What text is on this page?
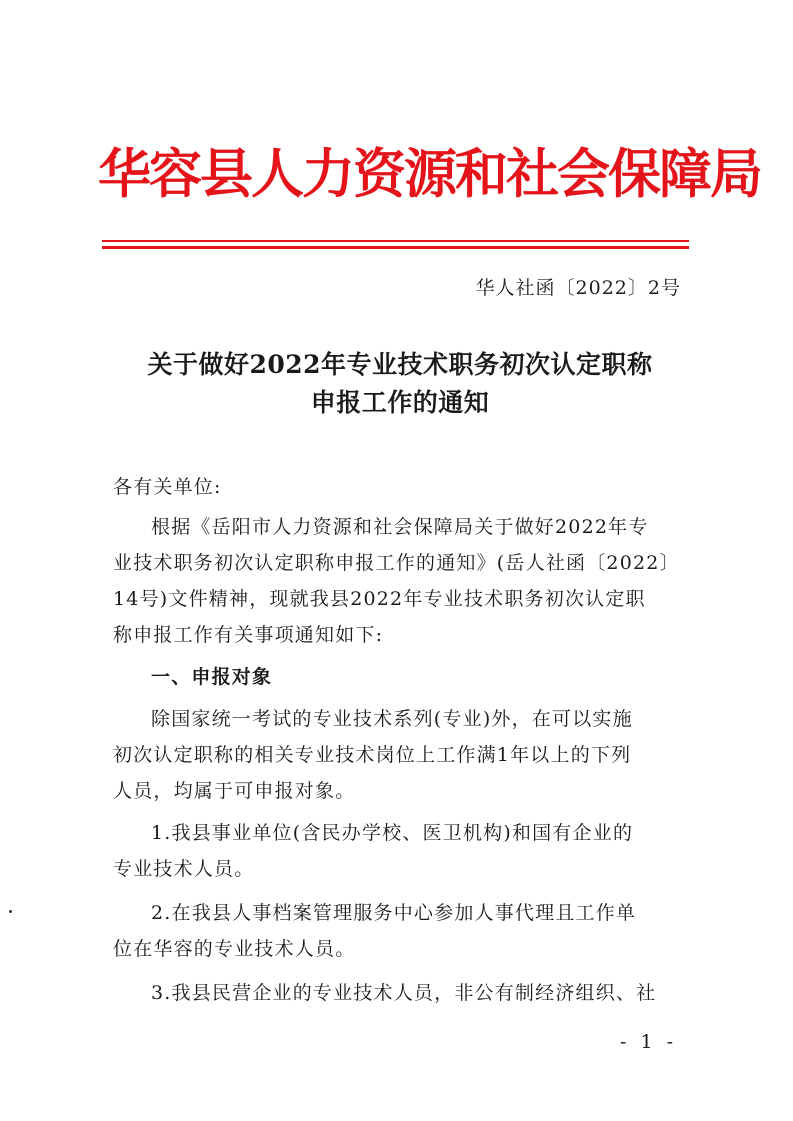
华容县人力资源和社会保障局
华人社函〔2022〕2号
关于做好2022年专业技术职务初次认定职称
申报工作的通知
各有关单位:
根据《岳阳市人力资源和社会保障局关于做好2022年专
业技术职务初次认定职称申报工作的通知》(岳人社函〔2022〕
14号)文件精神，现就我县2022年专业技术职务初次认定职
称申报工作有关事项通知如下:
一、申报对象
除国家统一考试的专业技术系列(专业)外，在可以实施
初次认定职称的相关专业技术岗位上工作满1年以上的下列
人员，均属于可申报对象。
1.我县事业单位(含民办学校、医卫机构)和国有企业的
专业技术人员。
2.在我县人事档案管理服务中心参加人事代理且工作单
位在华容的专业技术人员。
3.我县民营企业的专业技术人员，非公有制经济组织、社
- 1 -
